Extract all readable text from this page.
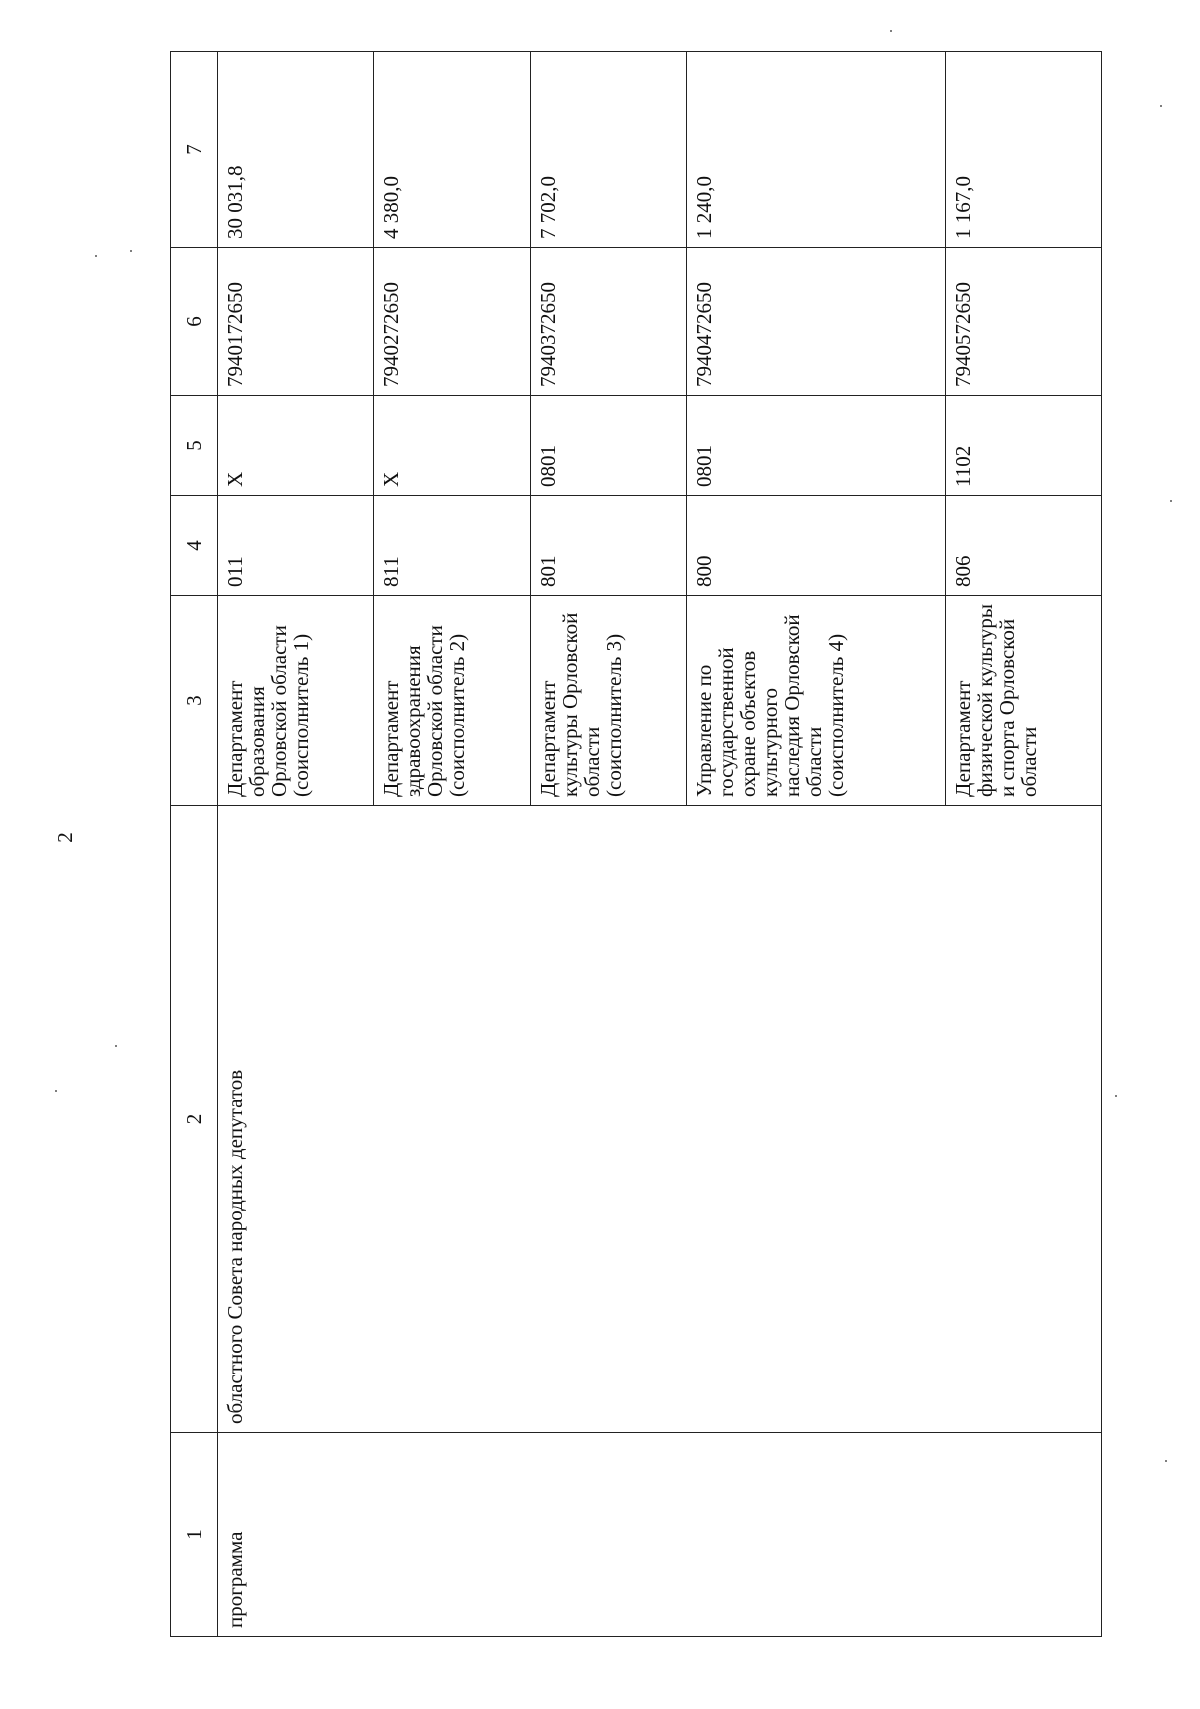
2
1	2	3	4	5	6	7
программа	областного Совета народных депутатов	Департамент образования Орловской области (соисполнитель 1)	011	X	7940172650	30 031,8
		Департамент здравоохранения Орловской области (соисполнитель 2)	811	X	7940272650	4 380,0
		Департамент культуры Орловской области (соисполнитель 3)	801	0801	7940372650	7 702,0
		Управление по государственной охране объектов культурного наследия Орловской области (соисполнитель 4)	800	0801	7940472650	1 240,0
		Департамент физической культуры и спорта Орловской области	806	1102	7940572650	1 167,0
